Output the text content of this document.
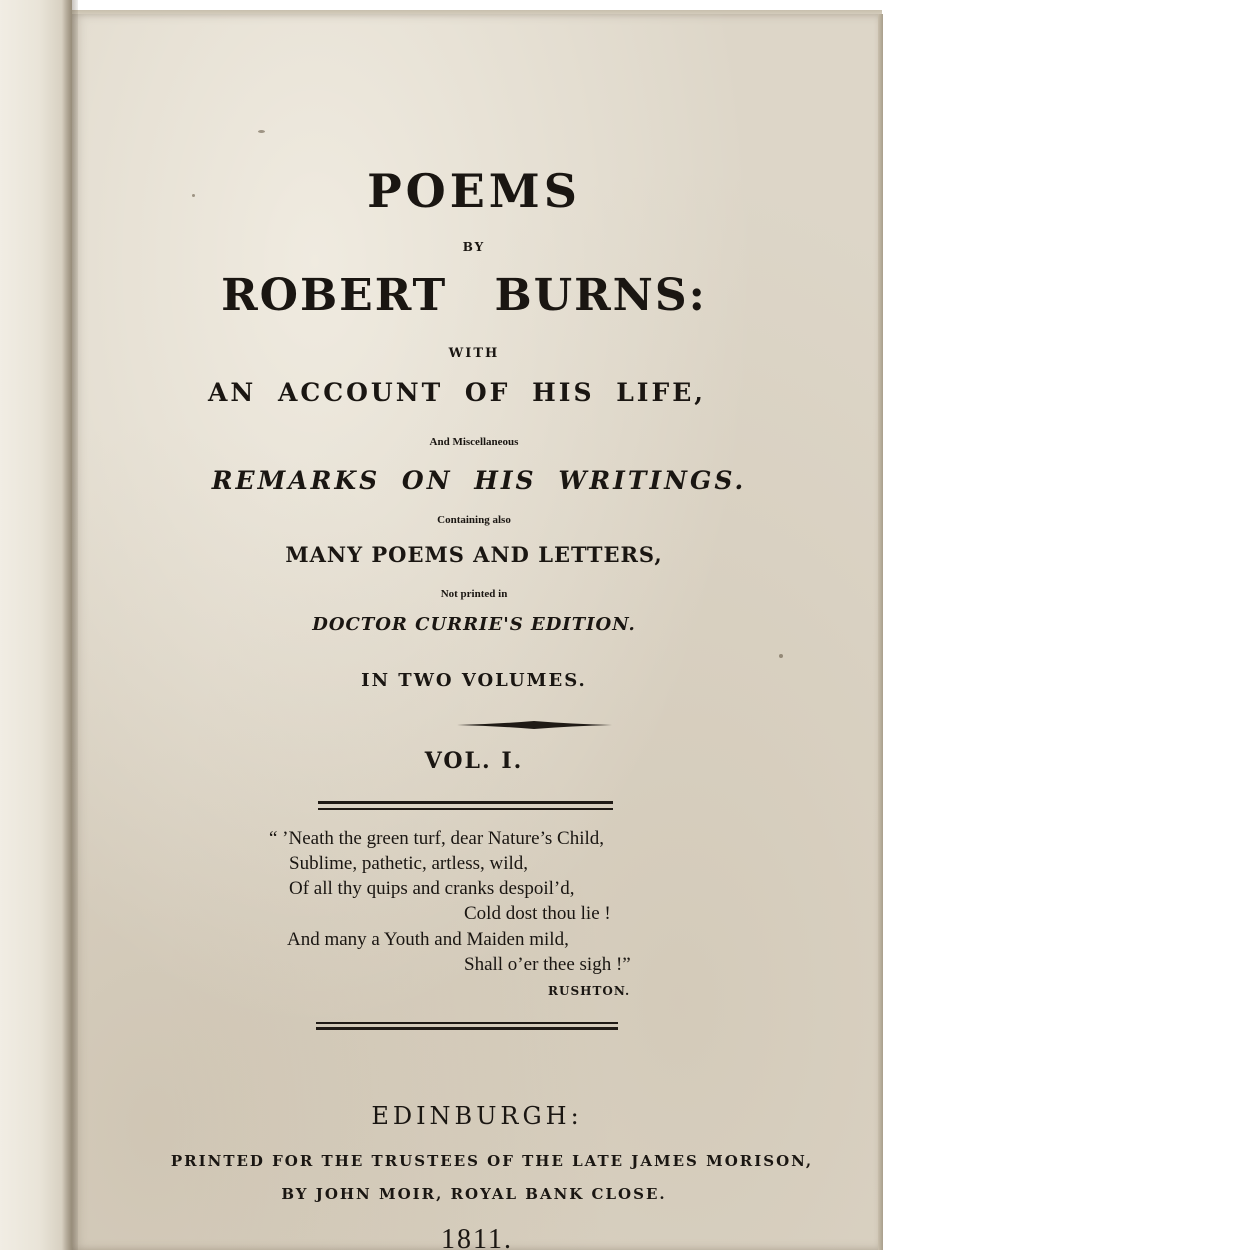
POEMS
BY
ROBERT BURNS:
WITH
AN ACCOUNT OF HIS LIFE,
And Miscellaneous
REMARKS ON HIS WRITINGS.
Containing also
MANY POEMS AND LETTERS,
Not printed in
DOCTOR CURRIE'S EDITION.
IN TWO VOLUMES.
VOL. I.
“ ’Neath the green turf, dear Nature’s Child,
Sublime, pathetic, artless, wild,
Of all thy quips and cranks despoil’d,
Cold dost thou lie !
And many a Youth and Maiden mild,
Shall o’er thee sigh !”
RUSHTON.
EDINBURGH:
PRINTED FOR THE TRUSTEES OF THE LATE JAMES MORISON,
BY JOHN MOIR, ROYAL BANK CLOSE.
1811.
